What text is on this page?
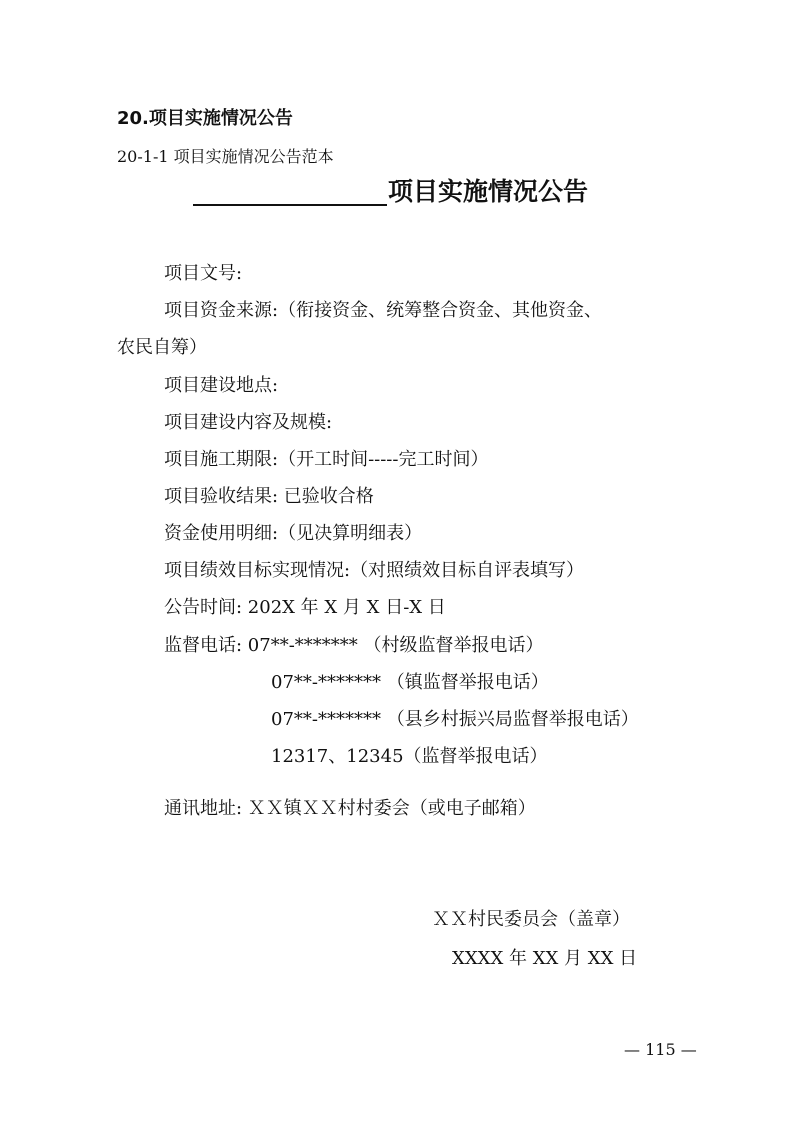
20.项目实施情况公告
20-1-1 项目实施情况公告范本
项目实施情况公告
项目文号:
项目资金来源:（衔接资金、统筹整合资金、其他资金、
农民自筹）
项目建设地点:
项目建设内容及规模:
项目施工期限:（开工时间-----完工时间）
项目验收结果: 已验收合格
资金使用明细:（见决算明细表）
项目绩效目标实现情况:（对照绩效目标自评表填写）
公告时间: 202X 年 X 月 X 日-X 日
监督电话: 07**-******* （村级监督举报电话）
07**-******* （镇监督举报电话）
07**-******* （县乡村振兴局监督举报电话）
12317、12345（监督举报电话）
通讯地址: ＸＸ镇ＸＸ村村委会（或电子邮箱）
ＸＸ村民委员会（盖章）
XXXX 年 XX 月 XX 日
— 115 —
